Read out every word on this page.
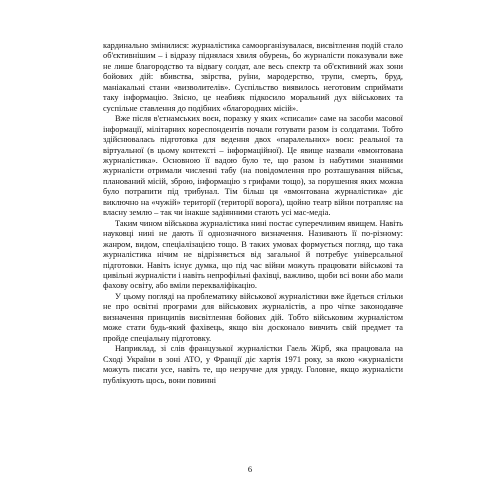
кардинально змінилися: журналістика самоорганізувалася, висвітлення подій стало об'єктивнішим – і відразу піднялася хвиля обурень, бо журналісти показували вже не лише благородство та відвагу солдат, але весь спектр та об'єктивний жах зони бойових дій: вбивства, звірства, руїни, мародерство, трупи, смерть, бруд, маніакальні стани «визволителів». Суспільство виявилось неготовим сприймати таку інформацію. Звісно, це неабияк підкосило моральний дух військових та суспільне ставлення до подібних «благородних місій».

Вже після в'єтнамських воєн, поразку у яких «списали» саме на засоби масової інформації, мілітарних кореспондентів почали готувати разом із солдатами. Тобто здійснювалась підготовка для ведення двох «паралельних» воєн: реальної та віртуальної (в цьому контексті – інформаційної). Це явище назвали «вмонтована журналістика». Основною її вадою було те, що разом із набутими знаннями журналісти отримали численні табу (на повідомлення про розташування військ, планований місій, зброю, інформацію з грифами тощо), за порушення яких можна було потрапити під трибунал. Тім більш ця «вмонтована журналістика» діє виключно на «чужій» території (території ворога), щойно театр війни потрапляє на власну землю – так чи інакше задіянними стають усі мас-медіа.

Таким чином військова журналістика нині постає суперечливим явищем. Навіть науковці нині не дають її однозначного визначення. Називають її по-різному: жанром, видом, спеціалізацією тощо. В таких умовах формується погляд, що така журналістика нічим не відрізняється від загальної й потребує універсальної підготовки. Навіть існує думка, що під час війни можуть працювати військові та цивільні журналісти і навіть непрофільні фахівці, важливо, щоби всі вони або мали фахову освіту, або вміли перекваліфікацію.

У цьому погляді на проблематику військової журналістики вже йдеться стільки не про освітні програми для військових журналістів, а про чітке законодавче визначення принципів висвітлення бойових дій. Тобто військовим журналістом може стати будь-який фахівець, якщо він досконало вивчить свій предмет та пройде спеціальну підготовку.

Наприклад, зі слів французької журналістки Гаель Жірб, яка працювала на Сході України в зоні АТО, у Франції діє хартія 1971 року, за якою «журналісти можуть писати усе, навіть те, що незручне для уряду. Головне, якщо журналісти публікують щось, вони повинні

6
